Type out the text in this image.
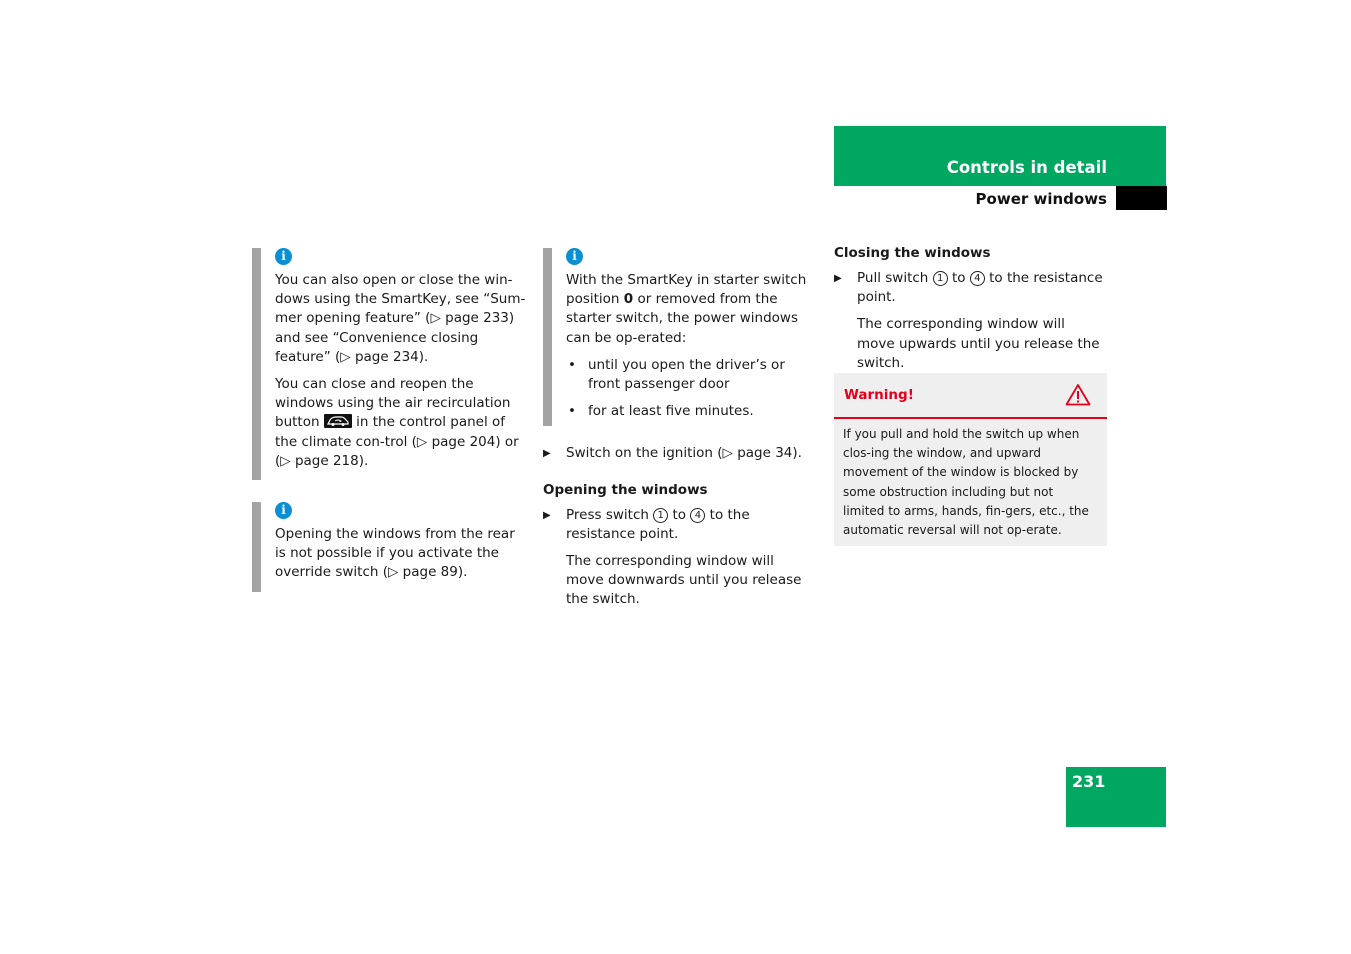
Controls in detail
Power windows
i

You can also open or close the win-dows using the SmartKey, see “Sum-mer opening feature” (▷ page 233) and see “Convenience closing feature” (▷ page 234).

You can close and reopen the windows using the air recirculation button	in the control panel of the climate con-trol (▷ page 204) or (▷ page 218).

i

Opening the windows from the rear is not possible if you activate the override switch (▷ page 89).

i

With the SmartKey in starter switch position 0 or removed from the starter switch, the power windows can be op-erated:

• until you open the driver’s or front passenger door
• for at least five minutes.
▶ Switch on the ignition (▷ page 34).
Opening the windows
▶ Press switch 1 to 4 to the resistance point.

The corresponding window will move downwards until you release the switch.

Closing the windows
▶ Pull switch 1 to 4 to the resistance point.

The corresponding window will move upwards until you release the switch.

Warning!
If you pull and hold the switch up when clos-ing the window, and upward movement of the window is blocked by some obstruction including but not limited to arms, hands, fin-gers, etc., the automatic reversal will not op-erate.
231
